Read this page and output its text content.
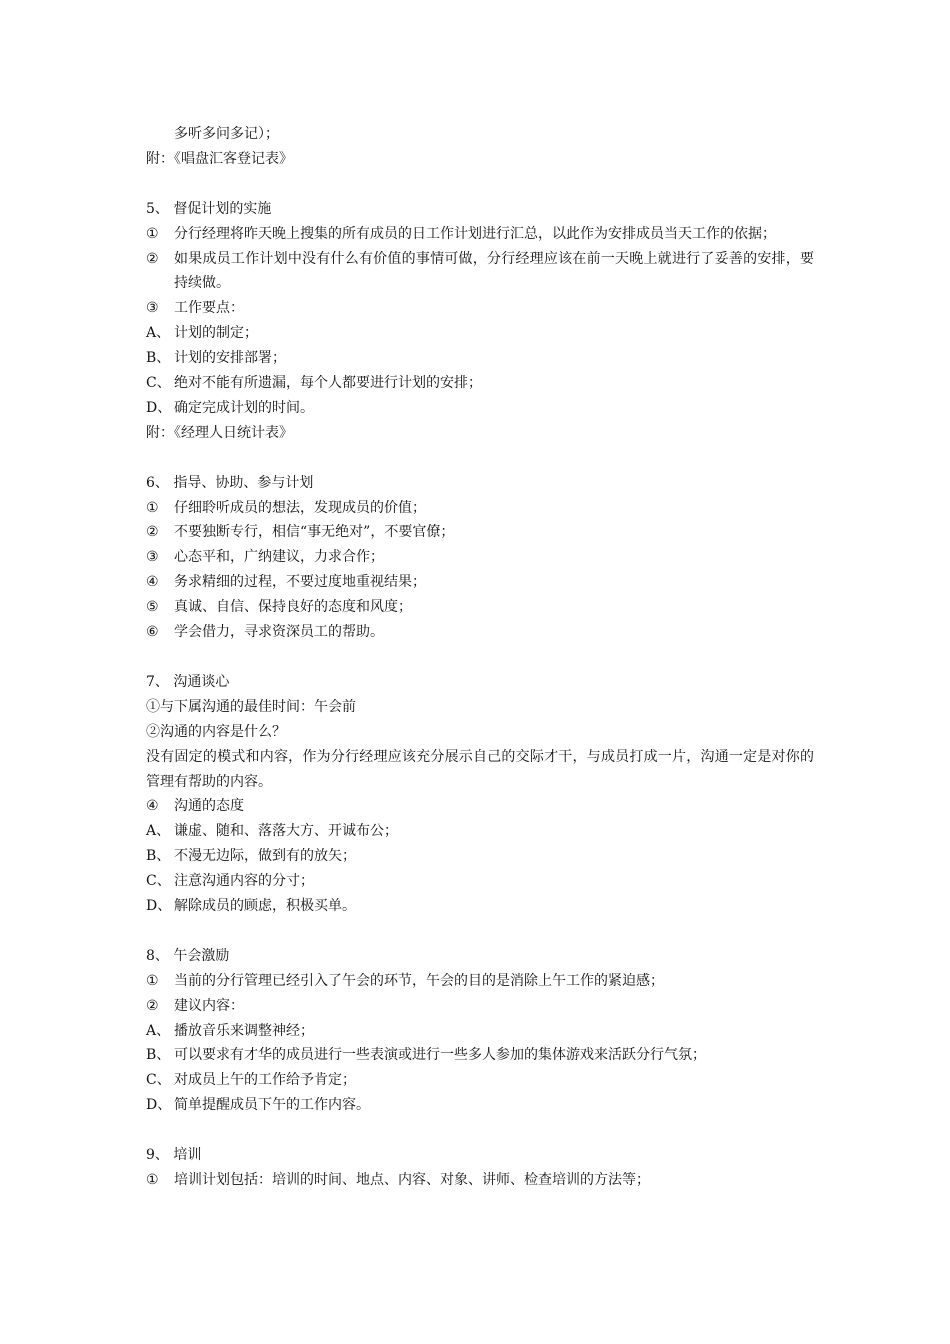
多听多问多记）；
附：《唱盘汇客登记表》
5、 督促计划的实施
①	分行经理将昨天晚上搜集的所有成员的日工作计划进行汇总，以此作为安排成员当天工作的依据；
②	如果成员工作计划中没有什么有价值的事情可做，分行经理应该在前一天晚上就进行了妥善的安排，要持续做。
③	工作要点：
A、 计划的制定；
B、 计划的安排部署；
C、 绝对不能有所遗漏，每个人都要进行计划的安排；
D、 确定完成计划的时间。
附：《经理人日统计表》
6、 指导、协助、参与计划
①	仔细聆听成员的想法，发现成员的价值；
②	不要独断专行，相信“事无绝对”，不要官僚；
③	心态平和，广纳建议，力求合作；
④	务求精细的过程，不要过度地重视结果；
⑤	真诚、自信、保持良好的态度和风度；
⑥	学会借力，寻求资深员工的帮助。
7、 沟通谈心
①与下属沟通的最佳时间：午会前
②沟通的内容是什么？
没有固定的模式和内容，作为分行经理应该充分展示自己的交际才干，与成员打成一片，沟通一定是对你的管理有帮助的内容。
④	沟通的态度
A、 谦虚、随和、落落大方、开诚布公；
B、 不漫无边际，做到有的放矢；
C、 注意沟通内容的分寸；
D、 解除成员的顾虑，积极买单。
8、 午会激励
①	当前的分行管理已经引入了午会的环节，午会的目的是消除上午工作的紧迫感；
②	建议内容：
A、 播放音乐来调整神经；
B、 可以要求有才华的成员进行一些表演或进行一些多人参加的集体游戏来活跃分行气氛；
C、 对成员上午的工作给予肯定；
D、 简单提醒成员下午的工作内容。
9、 培训
①	培训计划包括：培训的时间、地点、内容、对象、讲师、检查培训的方法等；
